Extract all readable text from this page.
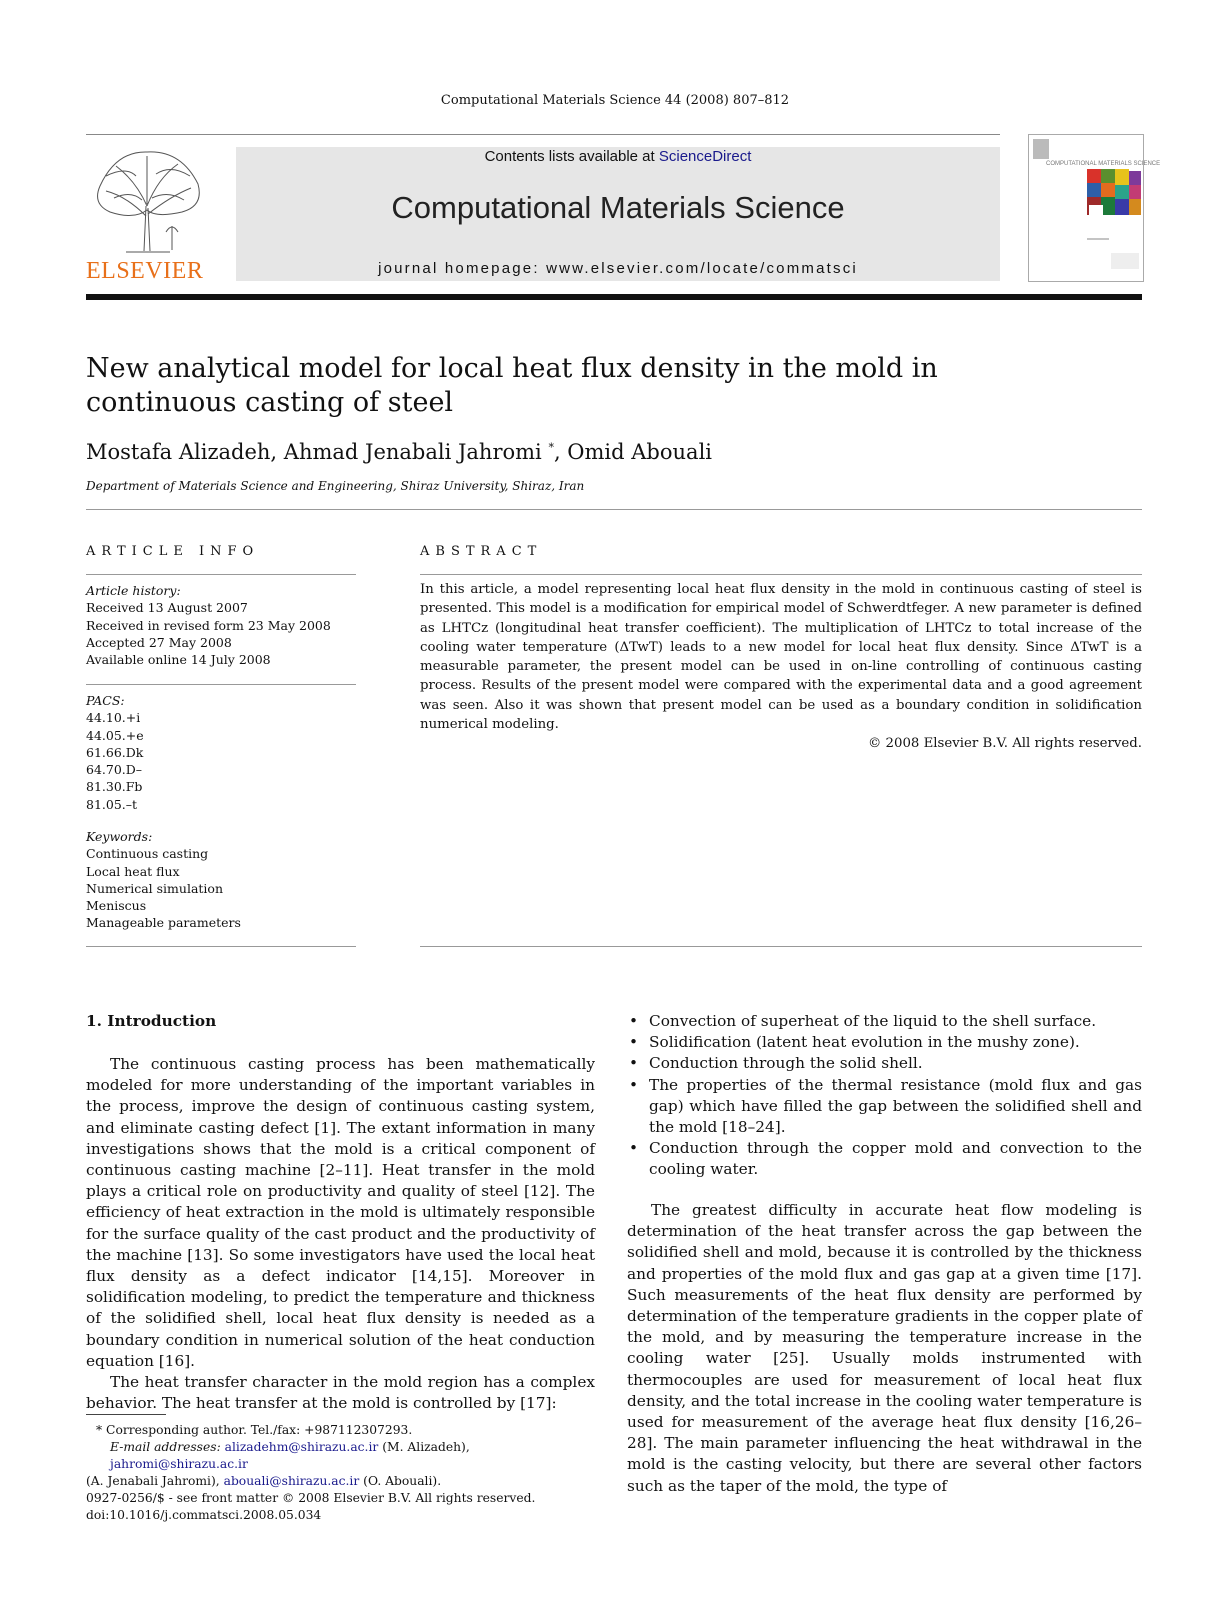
Computational Materials Science 44 (2008) 807–812
ELSEVIER
Contents lists available at ScienceDirect
Computational Materials Science
journal homepage: www.elsevier.com/locate/commatsci
COMPUTATIONAL MATERIALS SCIENCE
New analytical model for local heat flux density in the mold in continuous casting of steel
Mostafa Alizadeh, Ahmad Jenabali Jahromi *, Omid Abouali
Department of Materials Science and Engineering, Shiraz University, Shiraz, Iran
ARTICLE INFO
Article history:
Received 13 August 2007
Received in revised form 23 May 2008
Accepted 27 May 2008
Available online 14 July 2008
PACS:
44.10.+i
44.05.+e
61.66.Dk
64.70.D–
81.30.Fb
81.05.–t
Keywords:
Continuous casting
Local heat flux
Numerical simulation
Meniscus
Manageable parameters
ABSTRACT

In this article, a model representing local heat flux density in the mold in continuous casting of steel is presented. This model is a modification for empirical model of Schwerdtfeger. A new parameter is defined as LHTCz (longitudinal heat transfer coefficient). The multiplication of LHTCz to total increase of the cooling water temperature (ΔTwT) leads to a new model for local heat flux density. Since ΔTwT is a measurable parameter, the present model can be used in on-line controlling of continuous casting process. Results of the present model were compared with the experimental data and a good agreement was seen. Also it was shown that present model can be used as a boundary condition in solidification numerical modeling.

© 2008 Elsevier B.V. All rights reserved.

1. Introduction

The continuous casting process has been mathematically modeled for more understanding of the important variables in the process, improve the design of continuous casting system, and eliminate casting defect [1]. The extant information in many investigations shows that the mold is a critical component of continuous casting machine [2–11]. Heat transfer in the mold plays a critical role on productivity and quality of steel [12]. The efficiency of heat extraction in the mold is ultimately responsible for the surface quality of the cast product and the productivity of the machine [13]. So some investigators have used the local heat flux density as a defect indicator [14,15]. Moreover in solidification modeling, to predict the temperature and thickness of the solidified shell, local heat flux density is needed as a boundary condition in numerical solution of the heat conduction equation [16].

The heat transfer character in the mold region has a complex behavior. The heat transfer at the mold is controlled by [17]:

• Convection of superheat of the liquid to the shell surface.
• Solidification (latent heat evolution in the mushy zone).
• Conduction through the solid shell.
• The properties of the thermal resistance (mold flux and gas gap) which have filled the gap between the solidified shell and the mold [18–24].
• Conduction through the copper mold and convection to the cooling water.

The greatest difficulty in accurate heat flow modeling is determination of the heat transfer across the gap between the solidified shell and mold, because it is controlled by the thickness and properties of the mold flux and gas gap at a given time [17]. Such measurements of the heat flux density are performed by determination of the temperature gradients in the copper plate of the mold, and by measuring the temperature increase in the cooling water [25]. Usually molds instrumented with thermocouples are used for measurement of local heat flux density, and the total increase in the cooling water temperature is used for measurement of the average heat flux density [16,26–28]. The main parameter influencing the heat withdrawal in the mold is the casting velocity, but there are several other factors such as the taper of the mold, the type of

* Corresponding author. Tel./fax: +987112307293.
E-mail addresses: alizadehm@shirazu.ac.ir (M. Alizadeh), jahromi@shirazu.ac.ir
(A. Jenabali Jahromi), abouali@shirazu.ac.ir (O. Abouali).
0927-0256/$ - see front matter © 2008 Elsevier B.V. All rights reserved.
doi:10.1016/j.commatsci.2008.05.034
